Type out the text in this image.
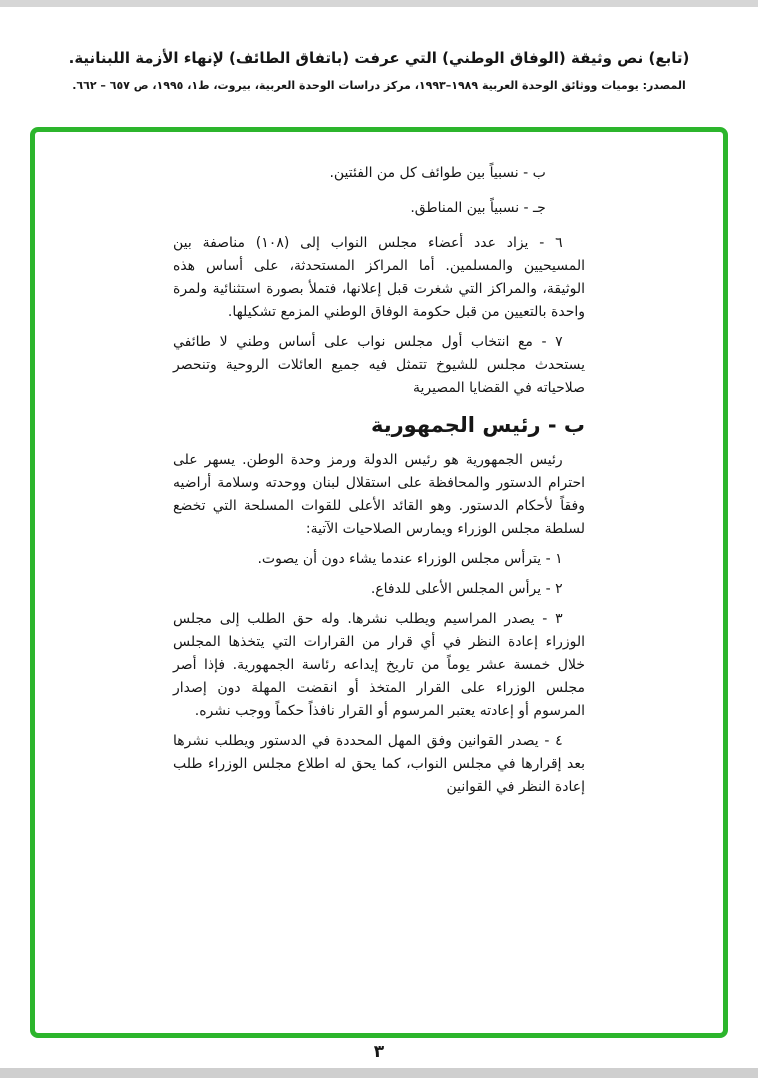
(تابع) نص وثيقة (الوفاق الوطني) التي عرفت (باتفاق الطائف) لإنهاء الأزمة اللبنانية.
المصدر: يوميات ووثائق الوحدة العربية ١٩٨٩–١٩٩٣، مركز دراسات الوحدة العربية، بيروت، ط١، ١٩٩٥، ص ٦٥٧ – ٦٦٢.

ب - نسبياً بين طوائف كل من الفئتين.

جـ - نسبياً بين المناطق.

٦ - يزاد عدد أعضاء مجلس النواب إلى (١٠٨) مناصفة بين المسيحيين والمسلمين. أما المراكز المستحدثة، على أساس هذه الوثيقة، والمراكز التي شغرت قبل إعلانها، فتملأ بصورة استثنائية ولمرة واحدة بالتعيين من قبل حكومة الوفاق الوطني المزمع تشكيلها.

٧ - مع انتخاب أول مجلس نواب على أساس وطني لا طائفي يستحدث مجلس للشيوخ تتمثل فيه جميع العائلات الروحية وتنحصر صلاحياته في القضايا المصيرية

ب - رئيس الجمهورية

رئيس الجمهورية هو رئيس الدولة ورمز وحدة الوطن. يسهر على احترام الدستور والمحافظة على استقلال لبنان ووحدته وسلامة أراضيه وفقاً لأحكام الدستور. وهو القائد الأعلى للقوات المسلحة التي تخضع لسلطة مجلس الوزراء ويمارس الصلاحيات الآتية:

١ - يترأس مجلس الوزراء عندما يشاء دون أن يصوت.

٢ - يرأس المجلس الأعلى للدفاع.

٣ - يصدر المراسيم ويطلب نشرها. وله حق الطلب إلى مجلس الوزراء إعادة النظر في أي قرار من القرارات التي يتخذها المجلس خلال خمسة عشر يوماً من تاريخ إيداعه رئاسة الجمهورية. فإذا أصر مجلس الوزراء على القرار المتخذ أو انقضت المهلة دون إصدار المرسوم أو إعادته يعتبر المرسوم أو القرار نافذاً حكماً ووجب نشره.

٤ - يصدر القوانين وفق المهل المحددة في الدستور ويطلب نشرها بعد إقرارها في مجلس النواب، كما يحق له اطلاع مجلس الوزراء طلب إعادة النظر في القوانين

٣
